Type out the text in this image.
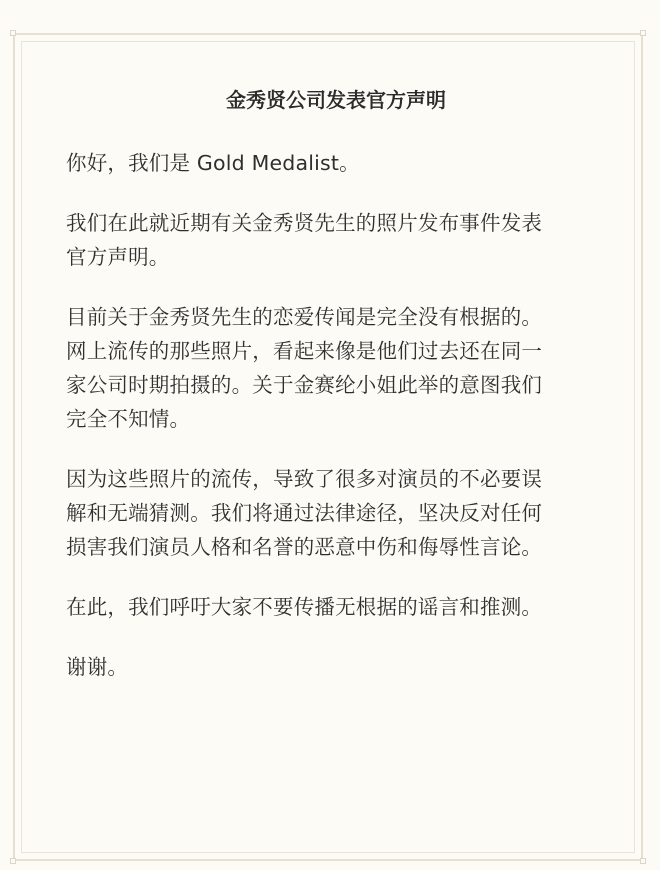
金秀贤公司发表官方声明
你好，我们是 Gold Medalist。
我们在此就近期有关金秀贤先生的照片发布事件发表
官方声明。
目前关于金秀贤先生的恋爱传闻是完全没有根据的。
网上流传的那些照片，看起来像是他们过去还在同一
家公司时期拍摄的。关于金赛纶小姐此举的意图我们
完全不知情。
因为这些照片的流传，导致了很多对演员的不必要误
解和无端猜测。我们将通过法律途径，坚决反对任何
损害我们演员人格和名誉的恶意中伤和侮辱性言论。
在此，我们呼吁大家不要传播无根据的谣言和推测。
谢谢。
